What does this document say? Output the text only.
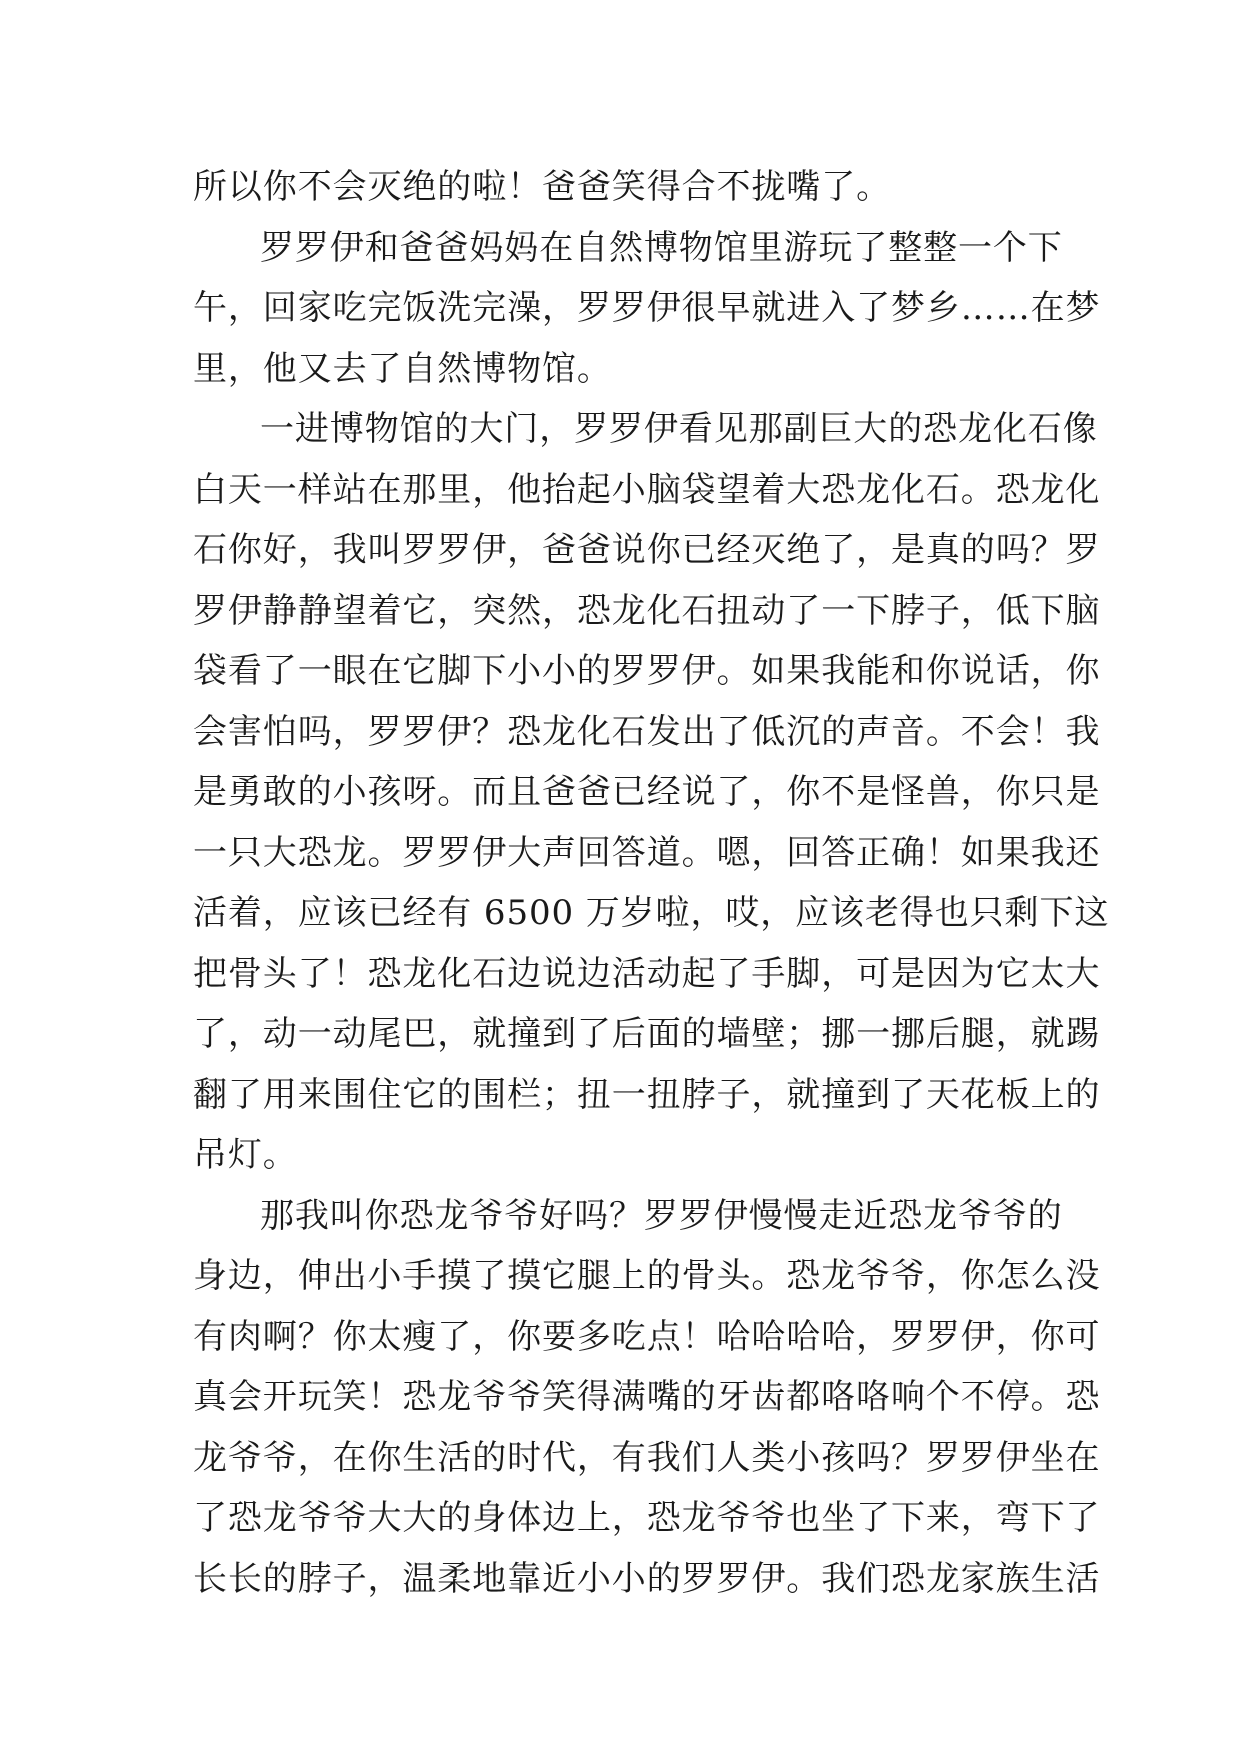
所以你不会灭绝的啦！爸爸笑得合不拢嘴了。
罗罗伊和爸爸妈妈在自然博物馆里游玩了整整一个下
午，回家吃完饭洗完澡，罗罗伊很早就进入了梦乡……在梦
里，他又去了自然博物馆。
一进博物馆的大门，罗罗伊看见那副巨大的恐龙化石像
白天一样站在那里，他抬起小脑袋望着大恐龙化石。恐龙化
石你好，我叫罗罗伊，爸爸说你已经灭绝了，是真的吗？罗
罗伊静静望着它，突然，恐龙化石扭动了一下脖子，低下脑
袋看了一眼在它脚下小小的罗罗伊。如果我能和你说话，你
会害怕吗，罗罗伊？恐龙化石发出了低沉的声音。不会！我
是勇敢的小孩呀。而且爸爸已经说了，你不是怪兽，你只是
一只大恐龙。罗罗伊大声回答道。嗯，回答正确！如果我还
活着，应该已经有 6500 万岁啦，哎，应该老得也只剩下这
把骨头了！恐龙化石边说边活动起了手脚，可是因为它太大
了，动一动尾巴，就撞到了后面的墙壁；挪一挪后腿，就踢
翻了用来围住它的围栏；扭一扭脖子，就撞到了天花板上的
吊灯。
那我叫你恐龙爷爷好吗？罗罗伊慢慢走近恐龙爷爷的
身边，伸出小手摸了摸它腿上的骨头。恐龙爷爷，你怎么没
有肉啊？你太瘦了，你要多吃点！哈哈哈哈，罗罗伊，你可
真会开玩笑！恐龙爷爷笑得满嘴的牙齿都咯咯响个不停。恐
龙爷爷，在你生活的时代，有我们人类小孩吗？罗罗伊坐在
了恐龙爷爷大大的身体边上，恐龙爷爷也坐了下来，弯下了
长长的脖子，温柔地靠近小小的罗罗伊。我们恐龙家族生活
